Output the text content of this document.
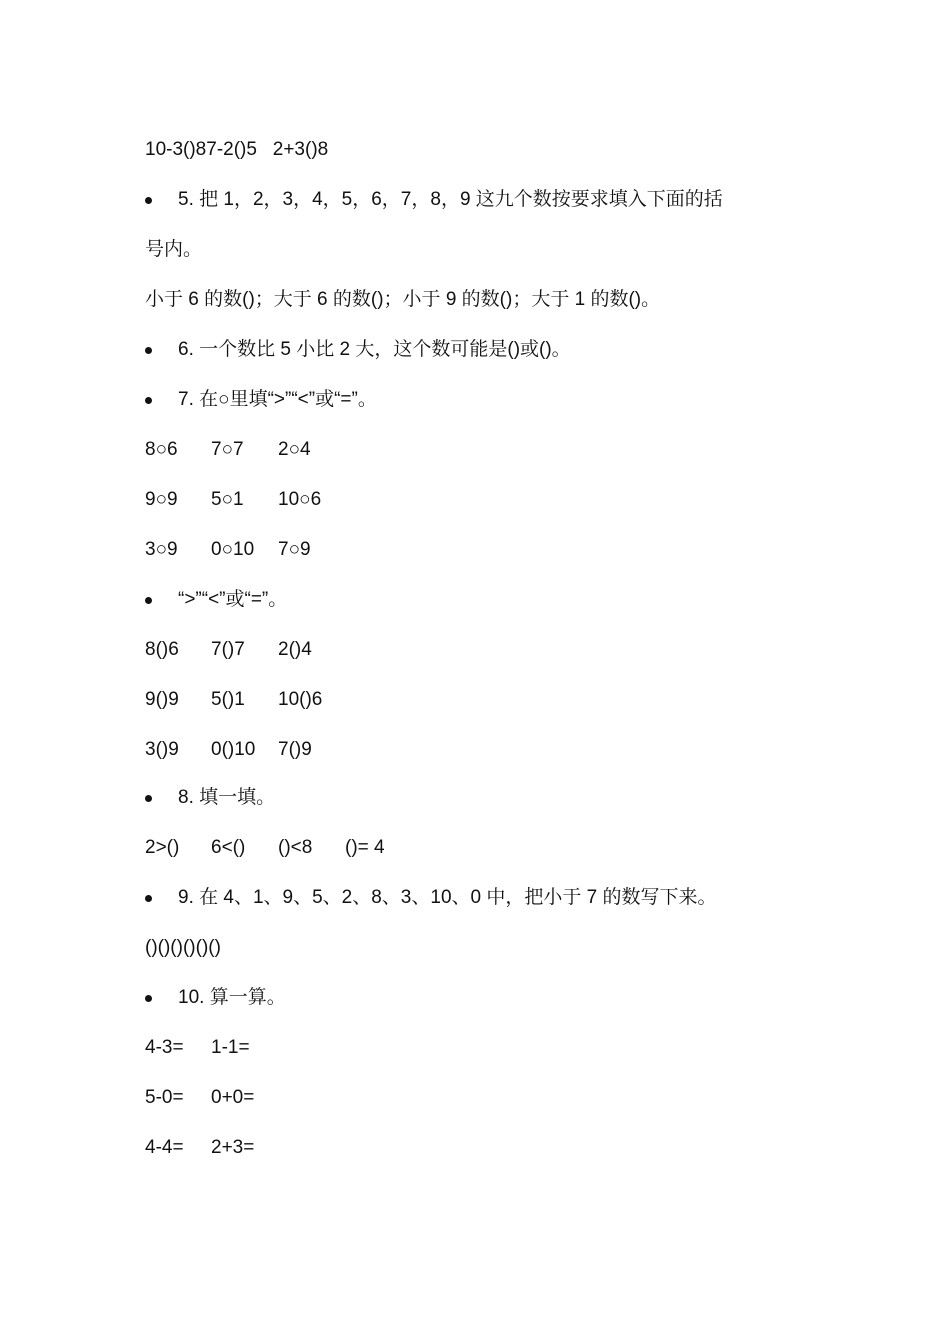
10-3()87-2()5   2+3()8

5. 把 1，2，3，4，5，6，7，8，9 这九个数按要求填入下面的括

号内。
小于 6 的数()；大于 6 的数()；小于 9 的数()；大于 1 的数()。

6. 一个数比 5 小比 2 大，这个数可能是()或()。

7. 在○里填“>”“<”或“=”。

8○6 7○7 2○4
9○9 5○1 10○6
3○9 0○10 7○9

“>”“<”或“=”。

8()6 7()7 2()4
9()9 5()1 10()6
3()9 0()10 7()9

8. 填一填。

2>() 6<() ()<8 ()= 4

9. 在 4、1、9、5、2、8、3、10、0 中，把小于 7 的数写下来。

()()()()()()

10. 算一算。

4-3= 1-1=
5-0= 0+0=
4-4= 2+3=
